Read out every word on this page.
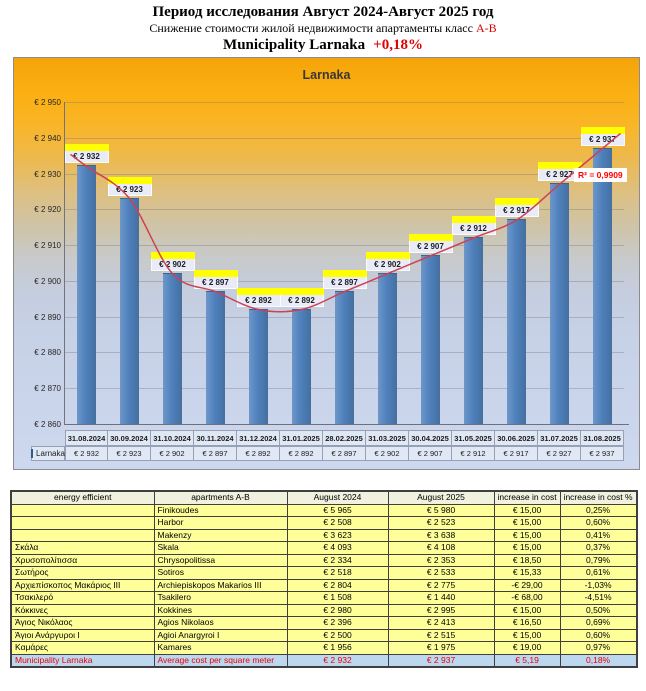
Период исследования Август 2024-Август 2025 год
Снижение стоимости жилой недвижимости апартаменты класс А-В
Municipality Larnaka +0,18%
Larnaka
€ 2 932
€ 2 923
€ 2 902
€ 2 897
€ 2 892	€ 2 892
€ 2 897
€ 2 902
€ 2 907
€ 2 912
€ 2 917
€ 2 927
€ 2 937
€ 2 950
€ 2 940
€ 2 930
€ 2 920
€ 2 910
€ 2 900
€ 2 890
€ 2 880
€ 2 870
€ 2 860
R² = 0,9909
31.08.2024 30.09.2024 31.10.2024 30.11.2024 31.12.2024 31.01.2025 28.02.2025 31.03.2025 30.04.2025 31.05.2025 30.06.2025 31.07.2025 31.08.2025
Larnaka	€ 2 932	€ 2 923	€ 2 902	€ 2 897	€ 2 892	€ 2 892	€ 2 897	€ 2 902	€ 2 907	€ 2 912	€ 2 917	€ 2 927	€ 2 937
energy efficient	apartments A-B	August 2024	August 2025	increase in cost	increase in cost %
	Finikoudes	€ 5 965	€ 5 980	€ 15,00	0,25%
	Harbor	€ 2 508	€ 2 523	€ 15,00	0,60%
	Makenzy	€ 3 623	€ 3 638	€ 15,00	0,41%
Σκάλα	Skala	€ 4 093	€ 4 108	€ 15,00	0,37%
Χρυσοπολίτισσα	Chrysopolitissa	€ 2 334	€ 2 353	€ 18,50	0,79%
Σωτήρος	Sotiros	€ 2 518	€ 2 533	€ 15,33	0,61%
Αρχιεπίσκοπος Μακάριος III	Archiepiskopos Makarios III	€ 2 804	€ 2 775	-€ 29,00	-1,03%
Τσακιλερό	Tsakilero	€ 1 508	€ 1 440	-€ 68,00	-4,51%
Κόκκινες	Kokkines	€ 2 980	€ 2 995	€ 15,00	0,50%
Άγιος Νικόλαος	Agios Nikolaos	€ 2 396	€ 2 413	€ 16,50	0,69%
Άγιοι Ανάργυροι I	Agioi Anargyroi I	€ 2 500	€ 2 515	€ 15,00	0,60%
Καμάρες	Kamares	€ 1 956	€ 1 975	€ 19,00	0,97%
Municipality Larnaka	Average cost per square meter	€ 2 932	€ 2 937	€ 5,19	0,18%
